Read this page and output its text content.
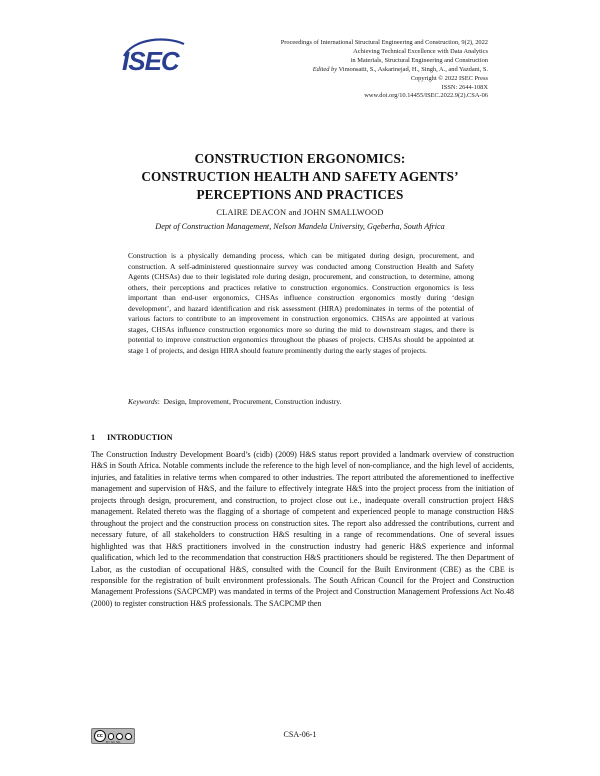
ISEC
Proceedings of International Structural Engineering and Construction, 9(2), 2022
Achieving Technical Excellence with Data Analytics
in Materials, Structural Engineering and Construction
Edited by Vimonsatit, S., Askarinejad, H., Singh, A., and Yazdani, S.
Copyright © 2022 ISEC Press
ISSN: 2644-108X
www.doi.org/10.14455/ISEC.2022.9(2).CSA-06
CONSTRUCTION ERGONOMICS:
CONSTRUCTION HEALTH AND SAFETY AGENTS’
PERCEPTIONS AND PRACTICES
CLAIRE DEACON and JOHN SMALLWOOD
Dept of Construction Management, Nelson Mandela University, Gqeberha, South Africa
Construction is a physically demanding process, which can be mitigated during design, procurement, and construction. A self-administered questionnaire survey was conducted among Construction Health and Safety Agents (CHSAs) due to their legislated role during design, procurement, and construction, to determine, among others, their perceptions and practices relative to construction ergonomics. Construction ergonomics is less important than end-user ergonomics, CHSAs influence construction ergonomics mostly during ‘design development’, and hazard identification and risk assessment (HIRA) predominates in terms of the potential of various factors to contribute to an improvement in construction ergonomics. CHSAs are appointed at various stages, CHSAs influence construction ergonomics more so during the mid to downstream stages, and there is potential to improve construction ergonomics throughout the phases of projects. CHSAs should be appointed at stage 1 of projects, and design HIRA should feature prominently during the early stages of projects.
Keywords:  Design, Improvement, Procurement, Construction industry.
1 INTRODUCTION
The Construction Industry Development Board’s (cidb) (2009) H&S status report provided a landmark overview of construction H&S in South Africa. Notable comments include the reference to the high level of non-compliance, and the high level of accidents, injuries, and fatalities in relative terms when compared to other industries. The report attributed the aforementioned to ineffective management and supervision of H&S, and the failure to effectively integrate H&S into the project process from the initiation of projects through design, procurement, and construction, to project close out i.e., inadequate overall construction project H&S management. Related thereto was the flagging of a shortage of competent and experienced people to manage construction H&S throughout the project and the construction process on construction sites. The report also addressed the contributions, current and necessary future, of all stakeholders to construction H&S resulting in a range of recommendations. One of several issues highlighted was that H&S practitioners involved in the construction industry had generic H&S experience and informal qualification, which led to the recommendation that construction H&S practitioners should be registered. The then Department of Labor, as the custodian of occupational H&S, consulted with the Council for the Built Environment (CBE) as the CBE is responsible for the registration of built environment professionals. The South African Council for the Project and Construction Management Professions (SACPCMP) was mandated in terms of the Project and Construction Management Professions Act No.48 (2000) to register construction H&S professionals. The SACPCMP then
cc
BY NC ND
CSA-06-1
